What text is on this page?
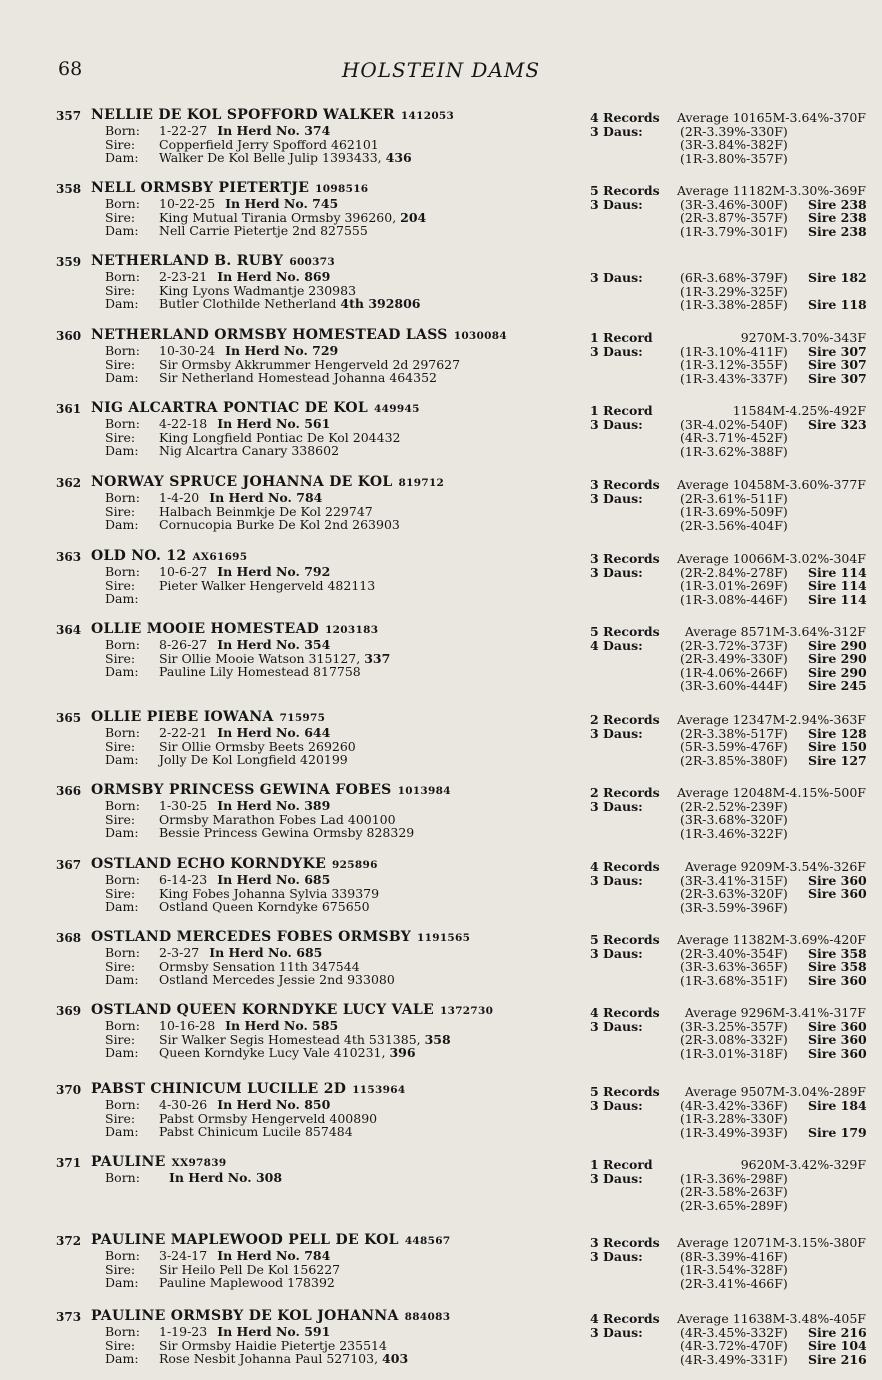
68	HOLSTEIN DAMS
357 NELLIE DE KOL SPOFFORD WALKER 1412053
Born: 1-22-27 In Herd No. 374
Sire: Copperfield Jerry Spofford 462101
Dam: Walker De Kol Belle Julip 1393433, 436
4 Records Average 10165M-3.64%-370F
3 Daus:	(2R-3.39%-330F)
(3R-3.84%-382F)
(1R-3.80%-357F)
358 NELL ORMSBY PIETERTJE 1098516
Born: 10-22-25 In Herd No. 745
Sire: King Mutual Tirania Ormsby 396260, 204
Dam: Nell Carrie Pietertje 2nd 827555
5 Records Average 11182M-3.30%-369F
3 Daus:	(3R-3.46%-300F) Sire 238
(2R-3.87%-357F) Sire 238
(1R-3.79%-301F) Sire 238
359 NETHERLAND B. RUBY 600373
Born: 2-23-21 In Herd No. 869
Sire: King Lyons Wadmantje 230983
Dam: Butler Clothilde Netherland 4th 392806
3 Daus:	(6R-3.68%-379F) Sire 182
(1R-3.29%-325F)
(1R-3.38%-285F) Sire 118
360 NETHERLAND ORMSBY HOMESTEAD LASS 1030084
Born: 10-30-24 In Herd No. 729
Sire: Sir Ormsby Akkrummer Hengerveld 2d 297627
Dam: Sir Netherland Homestead Johanna 464352
1 Record	9270M-3.70%-343F
3 Daus:	(1R-3.10%-411F) Sire 307
(1R-3.12%-355F) Sire 307
(1R-3.43%-337F) Sire 307
361 NIG ALCARTRA PONTIAC DE KOL 449945
Born: 4-22-18 In Herd No. 561
Sire: King Longfield Pontiac De Kol 204432
Dam: Nig Alcartra Canary 338602
1 Record	11584M-4.25%-492F
3 Daus:	(3R-4.02%-540F) Sire 323
(4R-3.71%-452F)
(1R-3.62%-388F)
362 NORWAY SPRUCE JOHANNA DE KOL 819712
Born: 1-4-20 In Herd No. 784
Sire: Halbach Beinmkje De Kol 229747
Dam: Cornucopia Burke De Kol 2nd 263903
3 Records Average 10458M-3.60%-377F
3 Daus:	(2R-3.61%-511F)
(1R-3.69%-509F)
(2R-3.56%-404F)
363 OLD NO. 12 AX61695
Born: 10-6-27 In Herd No. 792
Sire: Pieter Walker Hengerveld 482113
Dam:
3 Records Average 10066M-3.02%-304F
3 Daus:	(2R-2.84%-278F) Sire 114
(1R-3.01%-269F) Sire 114
(1R-3.08%-446F) Sire 114
364 OLLIE MOOIE HOMESTEAD 1203183
Born: 8-26-27 In Herd No. 354
Sire: Sir Ollie Mooie Watson 315127, 337
Dam: Pauline Lily Homestead 817758
5 Records Average 8571M-3.64%-312F
4 Daus:	(2R-3.72%-373F) Sire 290
(2R-3.49%-330F) Sire 290
(1R-4.06%-266F) Sire 290
(3R-3.60%-444F) Sire 245
365 OLLIE PIEBE IOWANA 715975
Born: 2-22-21 In Herd No. 644
Sire: Sir Ollie Ormsby Beets 269260
Dam: Jolly De Kol Longfield 420199
2 Records Average 12347M-2.94%-363F
3 Daus:	(2R-3.38%-517F) Sire 128
(5R-3.59%-476F) Sire 150
(2R-3.85%-380F) Sire 127
366 ORMSBY PRINCESS GEWINA FOBES 1013984
Born: 1-30-25 In Herd No. 389
Sire: Ormsby Marathon Fobes Lad 400100
Dam: Bessie Princess Gewina Ormsby 828329
2 Records Average 12048M-4.15%-500F
3 Daus:	(2R-2.52%-239F)
(3R-3.68%-320F)
(1R-3.46%-322F)
367 OSTLAND ECHO KORNDYKE 925896
Born: 6-14-23 In Herd No. 685
Sire: King Fobes Johanna Sylvia 339379
Dam: Ostland Queen Korndyke 675650
4 Records Average 9209M-3.54%-326F
3 Daus:	(3R-3.41%-315F) Sire 360
(2R-3.63%-320F) Sire 360
(3R-3.59%-396F)
368 OSTLAND MERCEDES FOBES ORMSBY 1191565
Born: 2-3-27 In Herd No. 685
Sire: Ormsby Sensation 11th 347544
Dam: Ostland Mercedes Jessie 2nd 933080
5 Records Average 11382M-3.69%-420F
3 Daus:	(2R-3.40%-354F) Sire 358
(3R-3.63%-365F) Sire 358
(1R-3.68%-351F) Sire 360
369 OSTLAND QUEEN KORNDYKE LUCY VALE 1372730
Born: 10-16-28 In Herd No. 585
Sire: Sir Walker Segis Homestead 4th 531385, 358
Dam: Queen Korndyke Lucy Vale 410231, 396
4 Records Average 9296M-3.41%-317F
3 Daus:	(3R-3.25%-357F) Sire 360
(2R-3.08%-332F) Sire 360
(1R-3.01%-318F) Sire 360
370 PABST CHINICUM LUCILLE 2D 1153964
Born: 4-30-26 In Herd No. 850
Sire: Pabst Ormsby Hengerveld 400890
Dam: Pabst Chinicum Lucile 857484
5 Records Average 9507M-3.04%-289F
3 Daus:	(4R-3.42%-336F) Sire 184
(1R-3.28%-330F)
(1R-3.49%-393F) Sire 179
371 PAULINE XX97839
Born: In Herd No. 308
1 Record	9620M-3.42%-329F
3 Daus:	(1R-3.36%-298F)
(2R-3.58%-263F)
(2R-3.65%-289F)
372 PAULINE MAPLEWOOD PELL DE KOL 448567
Born: 3-24-17 In Herd No. 784
Sire: Sir Heilo Pell De Kol 156227
Dam: Pauline Maplewood 178392
3 Records Average 12071M-3.15%-380F
3 Daus:	(8R-3.39%-416F)
(1R-3.54%-328F)
(2R-3.41%-466F)
373 PAULINE ORMSBY DE KOL JOHANNA 884083
Born: 1-19-23 In Herd No. 591
Sire: Sir Ormsby Haidie Pietertje 235514
Dam: Rose Nesbit Johanna Paul 527103, 403
4 Records Average 11638M-3.48%-405F
3 Daus:	(4R-3.45%-332F) Sire 216
(4R-3.72%-470F) Sire 104
(4R-3.49%-331F) Sire 216
